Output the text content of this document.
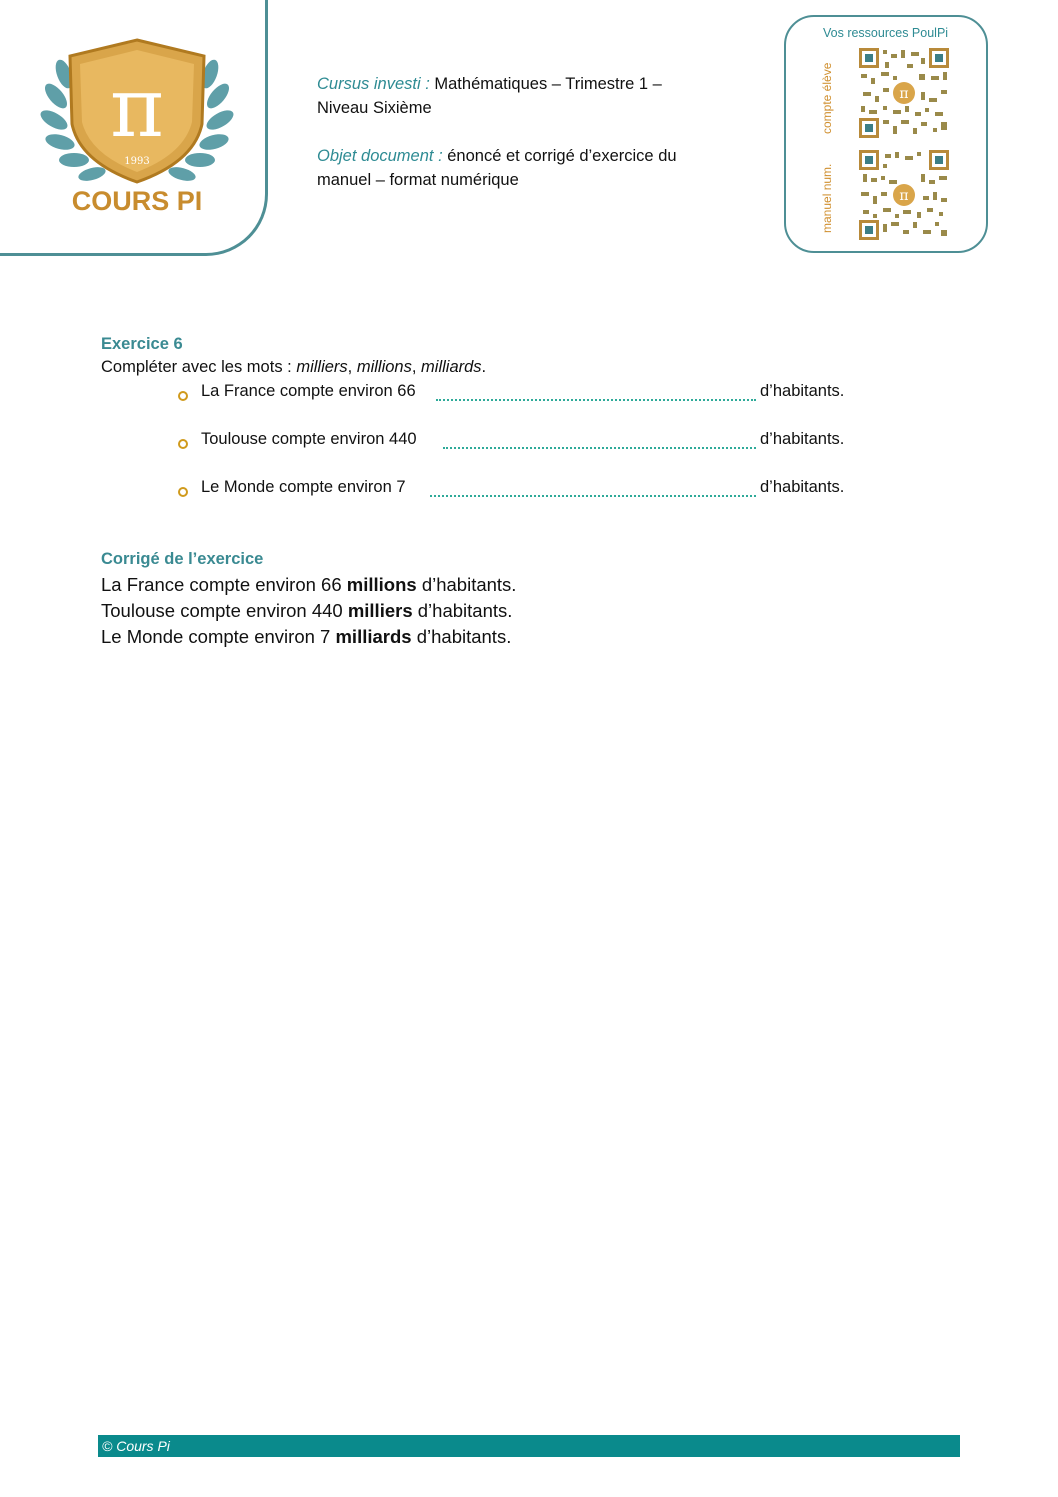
π
1993
COURS PI
Cursus investi : Mathématiques – Trimestre 1 –
Niveau Sixième
Objet document : énoncé et corrigé d’exercice du
manuel – format numérique
Vos ressources PoulPi
compte élève
manuel num.
π
π
Exercice 6
Compléter avec les mots : milliers, millions, milliards.
La France compte environ 66	d’habitants.
Toulouse compte environ 440	d’habitants.
Le Monde compte environ 7	d’habitants.
Corrigé de l’exercice
La France compte environ 66 millions d’habitants.
Toulouse compte environ 440 milliers d’habitants.
Le Monde compte environ 7 milliards d’habitants.
© Cours Pi
